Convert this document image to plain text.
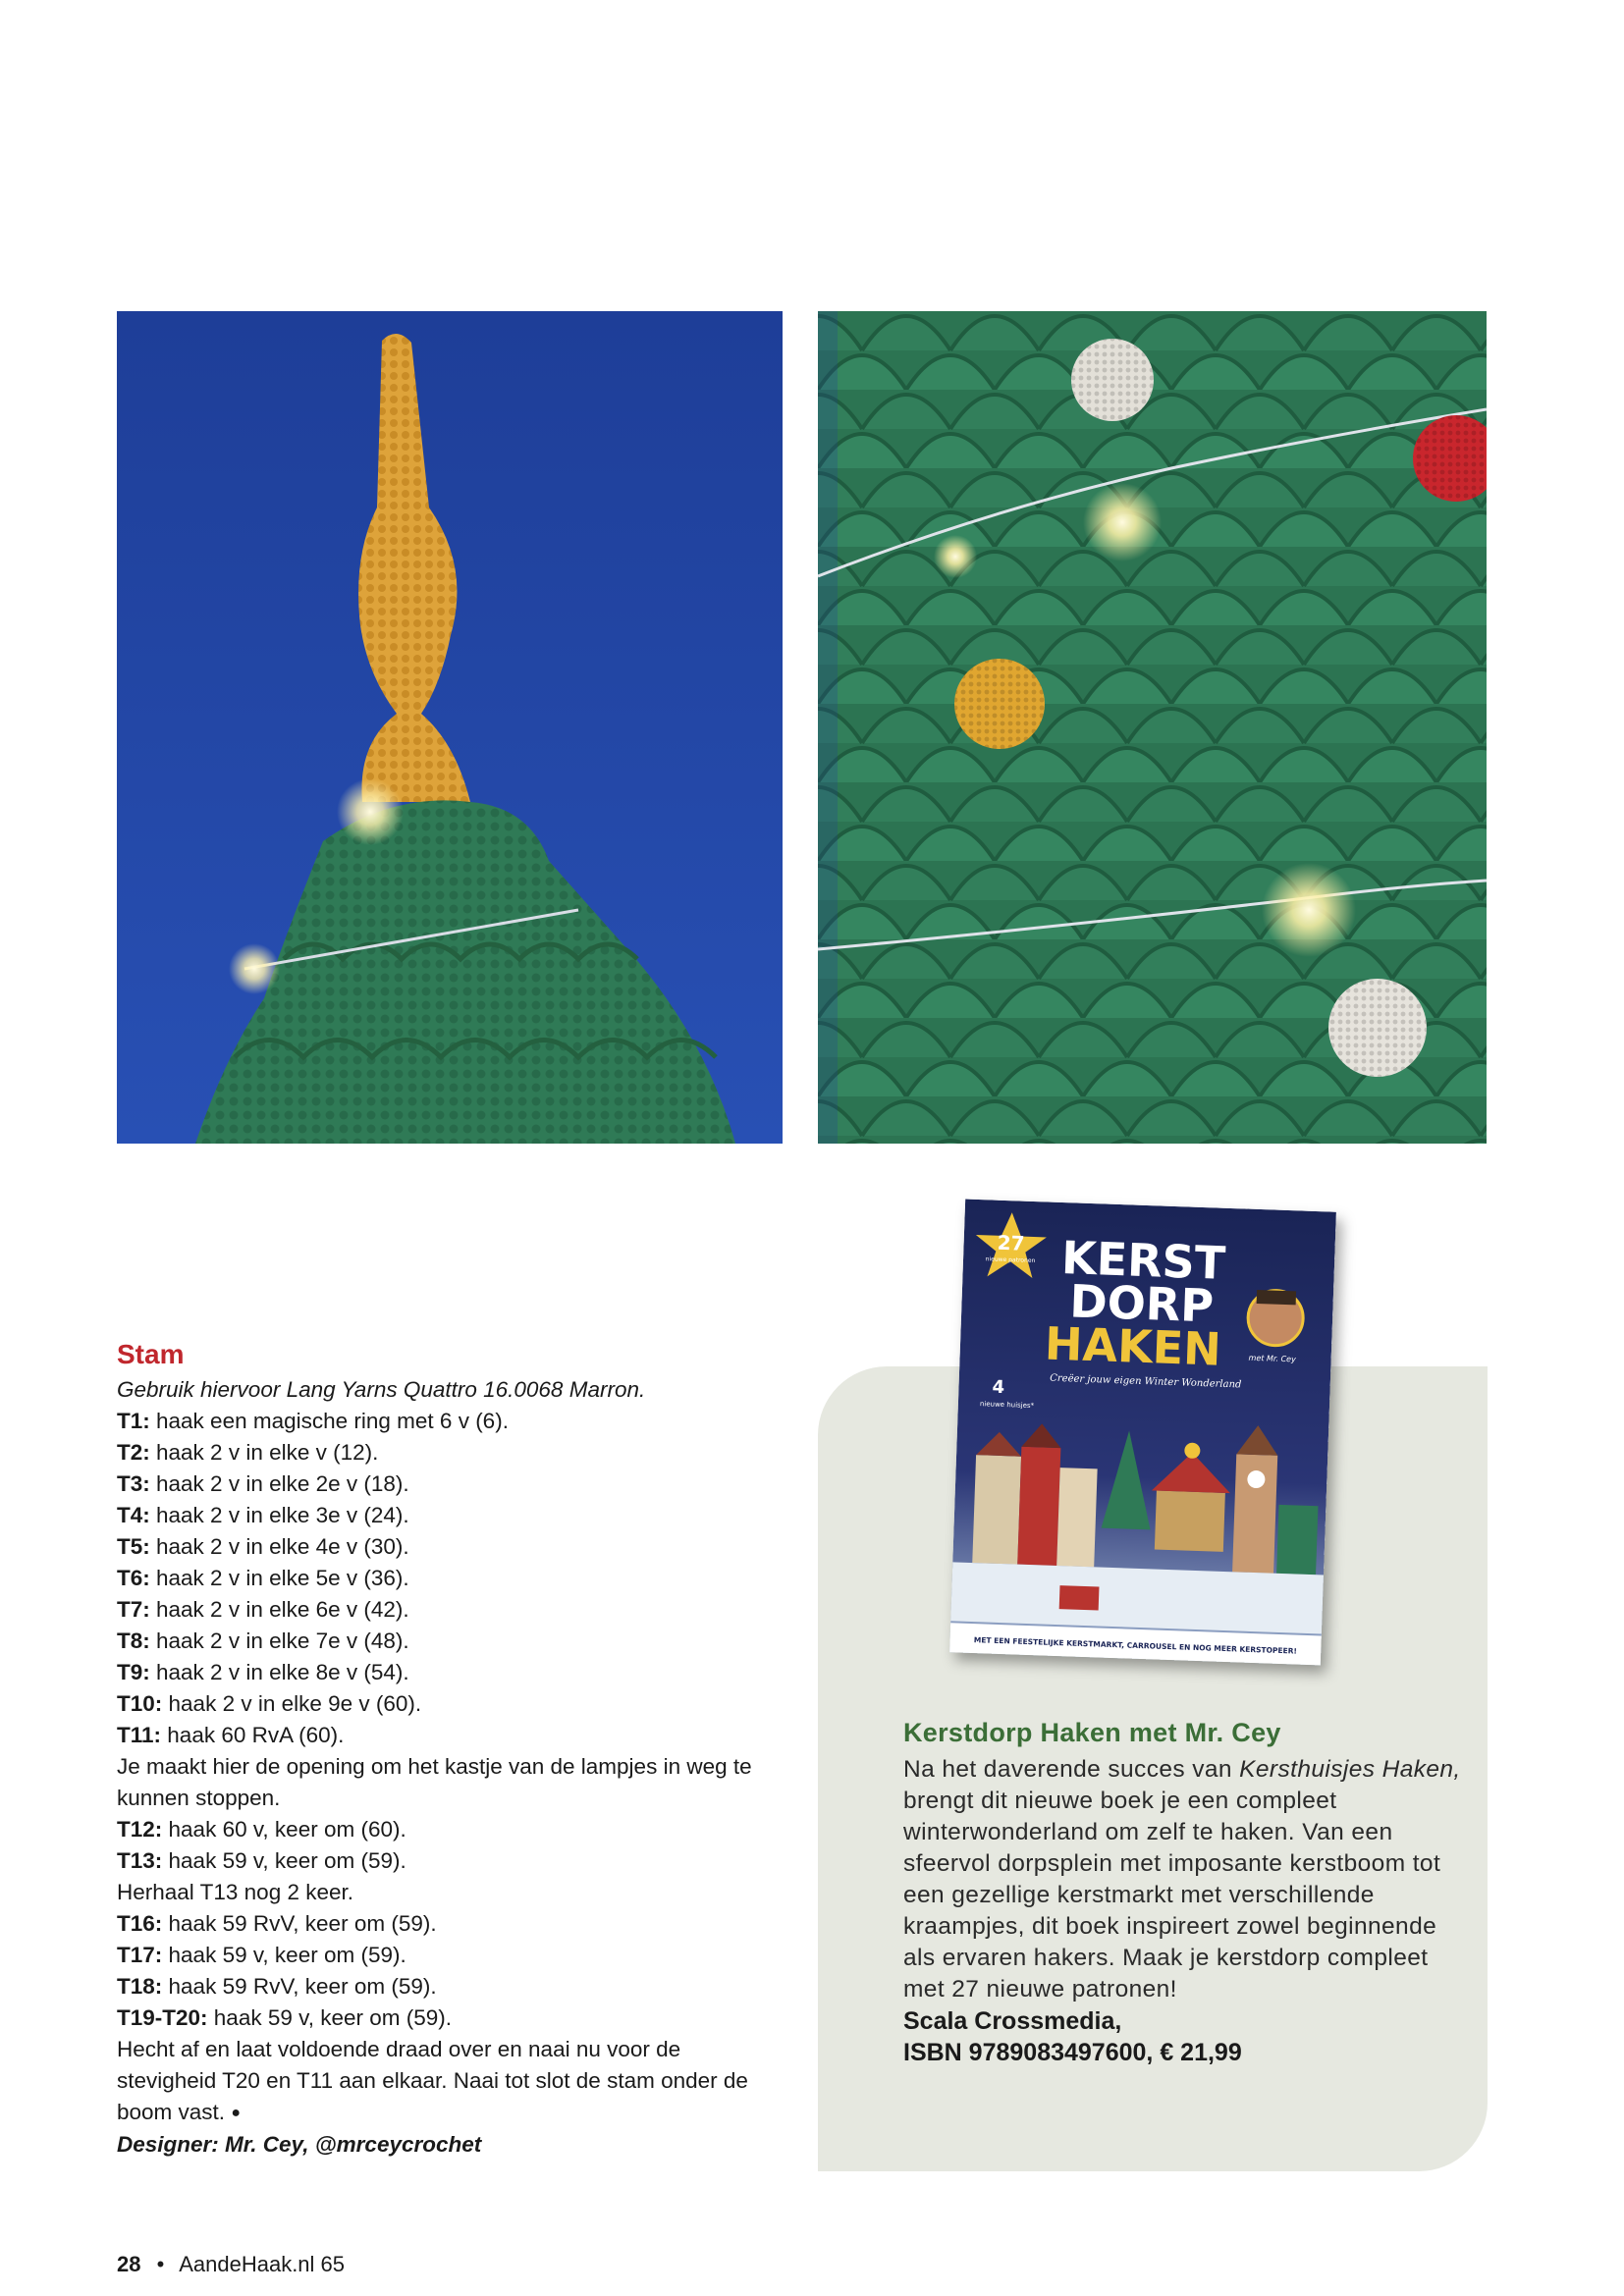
27
nieuwe patronen KERST
DORP
HAKEN	met Mr. Cey
Creëer jouw eigen Winter Wonderland
4
nieuwe huisjes*
MET EEN FEESTELIJKE KERSTMARKT, CARROUSEL EN NOG MEER KERSTOPEER!
Kerstdorp Haken met Mr. Cey

Na het daverende succes van Kersthuisjes Haken, brengt dit nieuwe boek je een compleet winterwonderland om zelf te haken. Van een sfeervol dorpsplein met imposante kerstboom tot een gezellige kerstmarkt met verschillende kraampjes, dit boek inspireert zowel beginnende als ervaren hakers. Maak je kerstdorp compleet met 27 nieuwe patronen!

Scala Crossmedia,
ISBN 9789083497600, € 21,99
Stam
Gebruik hiervoor Lang Yarns Quattro 16.0068 Marron.
T1: haak een magische ring met 6 v (6).
T2: haak 2 v in elke v (12).
T3: haak 2 v in elke 2e v (18).
T4: haak 2 v in elke 3e v (24).
T5: haak 2 v in elke 4e v (30).
T6: haak 2 v in elke 5e v (36).
T7: haak 2 v in elke 6e v (42).
T8: haak 2 v in elke 7e v (48).
T9: haak 2 v in elke 8e v (54).
T10: haak 2 v in elke 9e v (60).
T11: haak 60 RvA (60).
Je maakt hier de opening om het kastje van de lampjes in weg te kunnen stoppen.
T12: haak 60 v, keer om (60).
T13: haak 59 v, keer om (59).
Herhaal T13 nog 2 keer.
T16: haak 59 RvV, keer om (59).
T17: haak 59 v, keer om (59).
T18: haak 59 RvV, keer om (59).
T19-T20: haak 59 v, keer om (59).
Hecht af en laat voldoende draad over en naai nu voor de stevigheid T20 en T11 aan elkaar. Naai tot slot de stam onder de boom vast. ●
Designer: Mr. Cey, @mrceycrochet
28 • AandeHaak.nl 65
